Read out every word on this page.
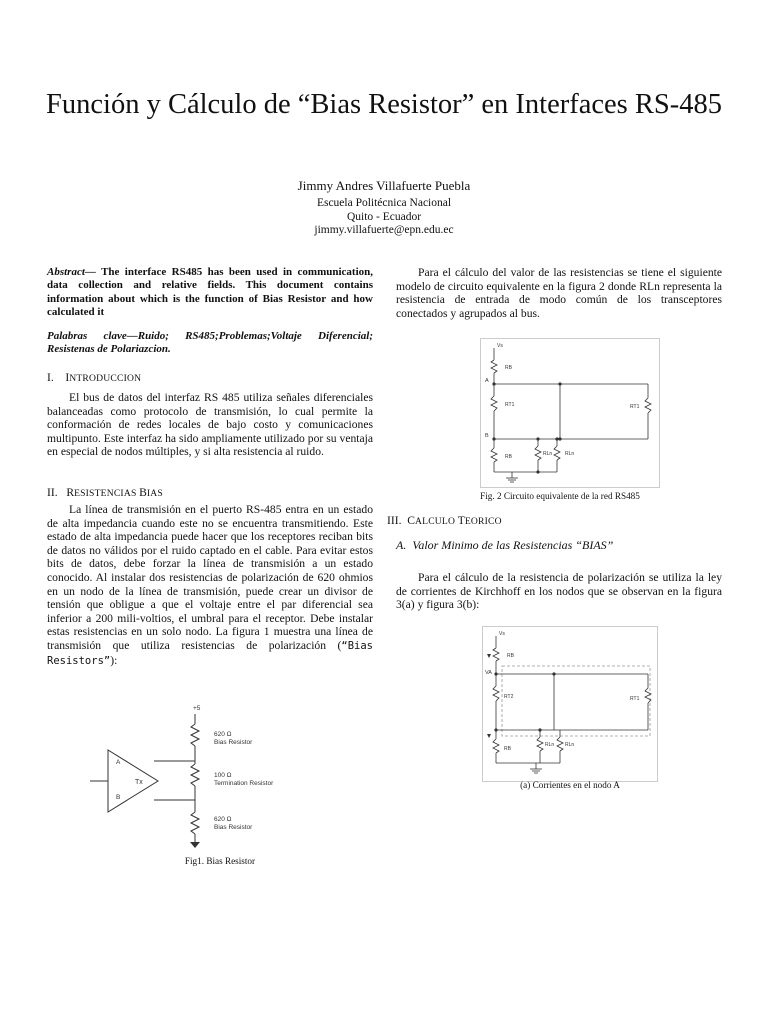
Función y Cálculo de “Bias Resistor” en Interfaces RS-485
Jimmy Andres Villafuerte Puebla
Escuela Politécnica Nacional
Quito - Ecuador
jimmy.villafuerte@epn.edu.ec
Abstract— The interface RS485 has been used in communication, data collection and relative fields. This document contains information about which is the function of Bias Resistor and how calculated it
Palabras clave—Ruido; RS485;Problemas;Voltaje Diferencial; Resistenas de Polariazcion.
I. INTRODUCCION
El bus de datos del interfaz RS 485 utiliza señales diferenciales balanceadas como protocolo de transmisión, lo cual permite la conformación de redes locales de bajo costo y comunicaciones multipunto. Este interfaz ha sido ampliamente utilizado por su ventaja en especial de nodos múltiples, y si alta resistencia al ruido.
II. RESISTENCIAS BIAS
La línea de transmisión en el puerto RS-485 entra en un estado de alta impedancia cuando este no se encuentra transmitiendo. Este estado de alta impedancia puede hacer que los receptores reciban bits de datos no válidos por el ruido captado en el cable. Para evitar estos bits de datos, debe forzar la línea de transmisión a un estado conocido. Al instalar dos resistencias de polarización de 620 ohmios en un nodo de la línea de transmisión, puede crear un divisor de tensión que obligue a que el voltaje entre el par diferencial sea inferior a 200 mili-voltios, el umbral para el receptor. Debe instalar estas resistencias en un solo nodo. La figura 1 muestra una línea de transmisión que utiliza resistencias de polarización (“Bias Resistors”):
+5
620 Ω
Bias Resistor
100 Ω
Termination Resistor
620 Ω
Bias Resistor
Tx
A
B
Fig1. Bias Resistor
Para el cálculo del valor de las resistencias se tiene el siguiente modelo de circuito equivalente en la figura 2 donde RLn representa la resistencia de entrada de modo común de los transceptores conectados y agrupados al bus.
Vs
A
B
RB
RT1	RT1
RB	RLn	RLn
Fig. 2 Circuito equivalente de la red RS485
III. CALCULO TEORICO
A. Valor Minimo de las Resistencias “BIAS”
Para el cálculo de la resistencia de polarización se utiliza la ley de corrientes de Kirchhoff en los nodos que se observan en la figura 3(a) y figura 3(b):
Vs
VA
RB
RT2	RT1
RB
RLn RLn
(a) Corrientes en el nodo A
